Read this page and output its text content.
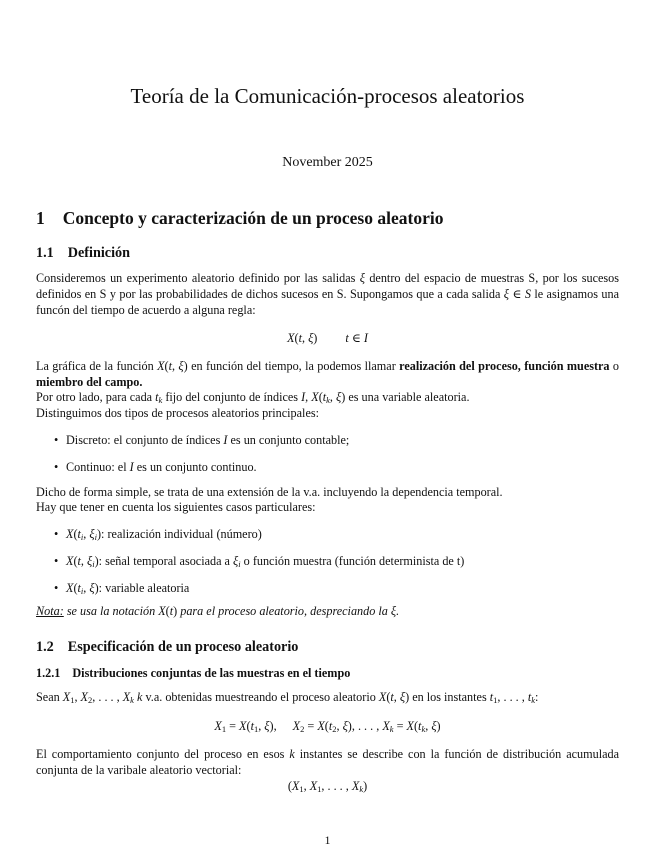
Teoría de la Comunicación-procesos aleatorios
November 2025
1 Concepto y caracterización de un proceso aleatorio
1.1 Definición
Consideremos un experimento aleatorio definido por las salidas ξ dentro del espacio de muestras S, por los sucesos definidos en S y por las probabilidades de dichos sucesos en S. Supongamos que a cada salida ξ ∈ S le asignamos una funcón del tiempo de acuerdo a alguna regla:
X(t, ξ) t ∈ I
La gráfica de la función X(t, ξ) en función del tiempo, la podemos llamar realización del proceso, función muestra o miembro del campo.
Por otro lado, para cada $t_k$ fijo del conjunto de índices I, $X(t_k$, ξ) es una variable aleatoria.
Distinguimos dos tipos de procesos aleatorios principales:
• Discreto: el conjunto de índices I es un conjunto contable;
• Continuo: el I es un conjunto continuo.
Dicho de forma simple, se trata de una extensión de la v.a. incluyendo la dependencia temporal.
Hay que tener en cuenta los siguientes casos particulares:
• $X(t_i$, $\xi_i$): realización individual (número)
• X(t, $\xi_i$): señal temporal asociada a $\xi_i$ o función muestra (función determinista de t)
• $X(t_i$, ξ): variable aleatoria
Nota: se usa la notación X(t) para el proceso aleatorio, despreciando la ξ.
1.2 Especificación de un proceso aleatorio
1.2.1 Distribuciones conjuntas de las muestras en el tiempo
Sean $X_1$, $X_2$, . . . , $X_k$ k v.a. obtenidas muestreando el proceso aleatorio X(t, ξ) en los instantes $t_1$, . . . , $t_k$:
$X_1 = X(t_1$, ξ), $X_2 = X(t_2$, ξ), . . . , $X_k = X(t_k$, ξ)
El comportamiento conjunto del proceso en esos k instantes se describe con la función de distribución acumulada conjunta de la varibale aleatorio vectorial:
($X_1$, $X_1$, . . . , $X_k$)
1
